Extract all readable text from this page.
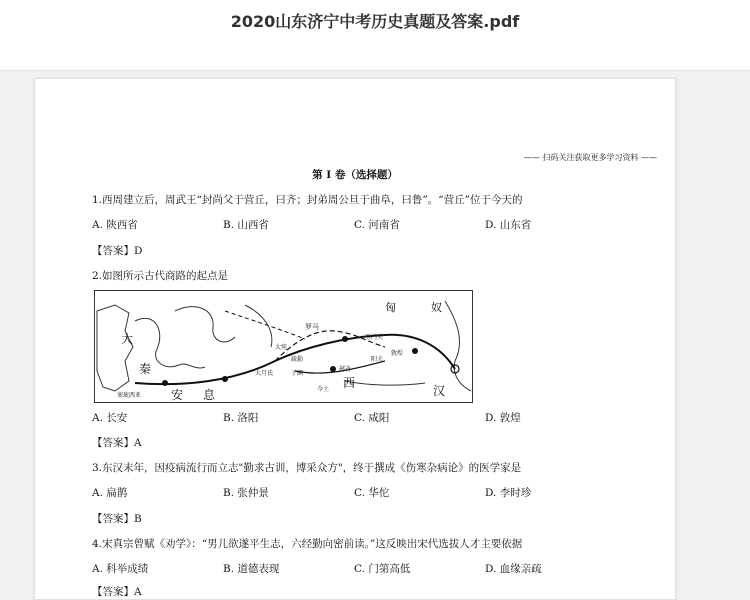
2020山东济宁中考历史真题及答案.pdf
—— 扫码关注获取更多学习资料 ——
第 I 卷（选择题）
1.西周建立后，周武王“封尚父于营丘，曰齐；封弟周公旦于曲阜，曰鲁”。“营丘”位于今天的
A. 陕西省	B. 山西省	C. 河南省	D. 山东省
【答案】D
2.如图所示古代商路的起点是
匈	奴
大
秦
安 息
西
汉
塞琉西亚
玉门关
敦煌
阳关
大宛
大月氏
疏勒
于阗
鄯善
今土
罗马
A. 长安	B. 洛阳	C. 咸阳	D. 敦煌
【答案】A
3.东汉末年，因疫病流行而立志"勤求古训，博采众方"，终于撰成《伤寒杂病论》的医学家是
A. 扁鹊	B. 张仲景	C. 华佗	D. 李时珍
【答案】B
4.宋真宗曾赋《劝学》：“男儿欲遂平生志，六经勤向密前读。”这反映出宋代选拔人才主要依据
A. 科举成绩	B. 道德表现	C. 门第高低	D. 血缘亲疏
【答案】A
